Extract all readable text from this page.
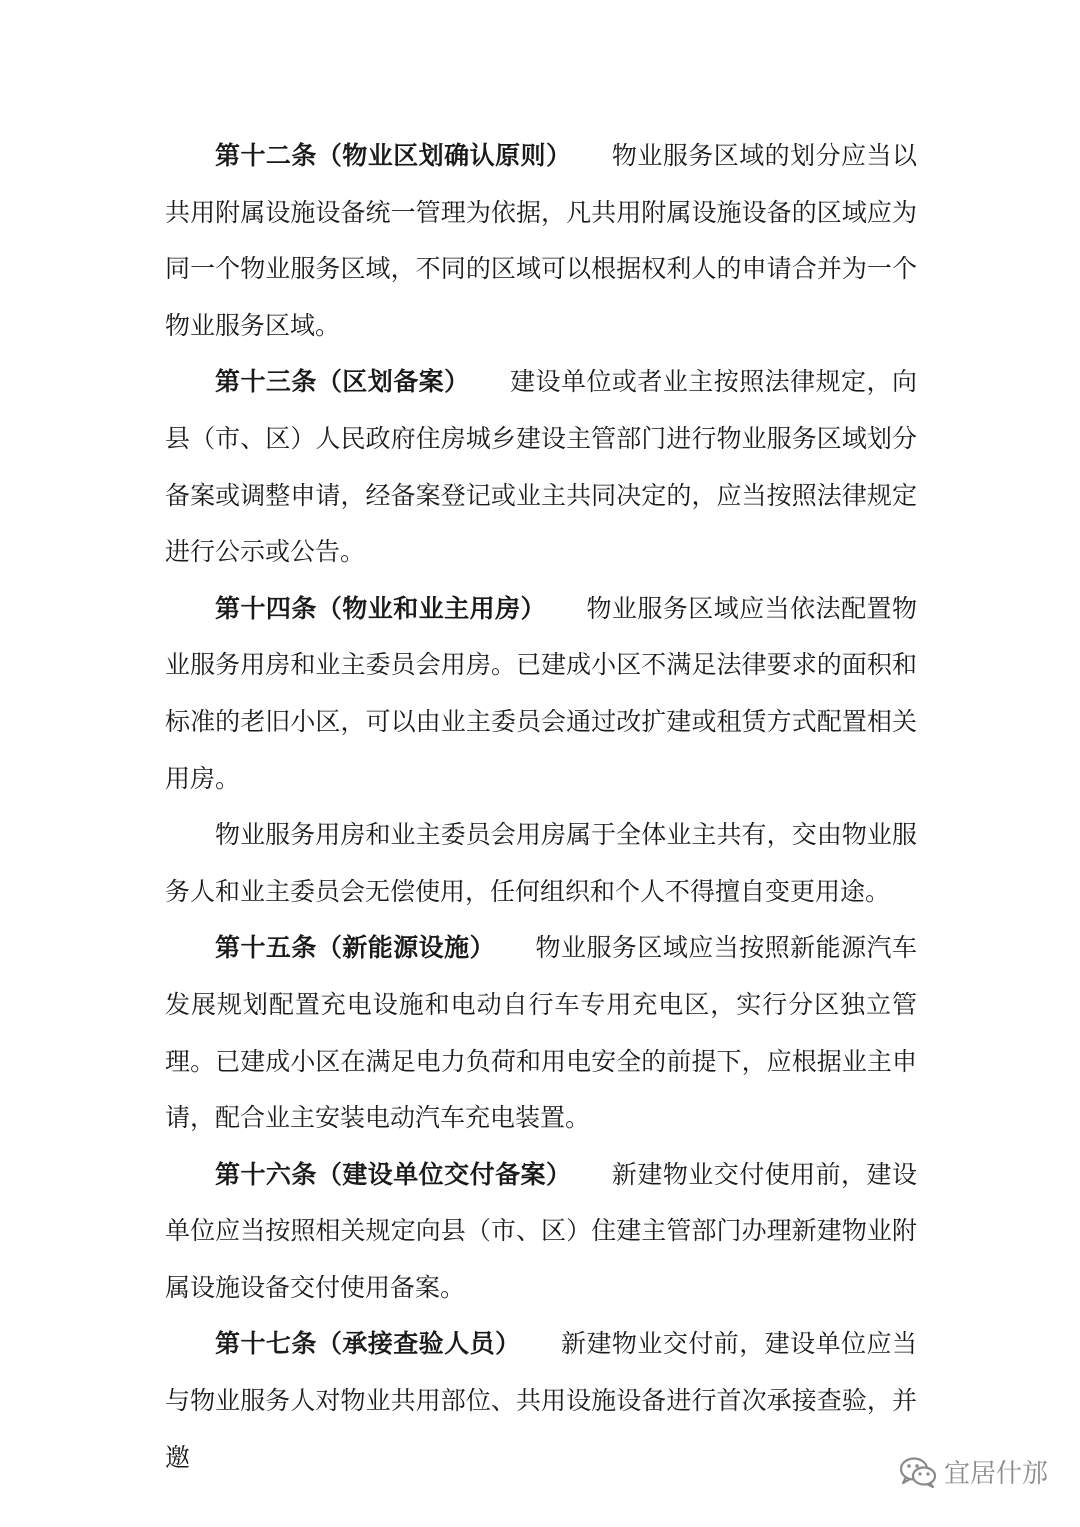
第十二条（物业区划确认原则） 物业服务区域的划分应当以共用附属设施设备统一管理为依据，凡共用附属设施设备的区域应为同一个物业服务区域，不同的区域可以根据权利人的申请合并为一个物业服务区域。

第十三条（区划备案） 建设单位或者业主按照法律规定，向县（市、区）人民政府住房城乡建设主管部门进行物业服务区域划分备案或调整申请，经备案登记或业主共同决定的，应当按照法律规定进行公示或公告。

第十四条（物业和业主用房） 物业服务区域应当依法配置物业服务用房和业主委员会用房。已建成小区不满足法律要求的面积和标准的老旧小区，可以由业主委员会通过改扩建或租赁方式配置相关用房。

物业服务用房和业主委员会用房属于全体业主共有，交由物业服务人和业主委员会无偿使用，任何组织和个人不得擅自变更用途。

第十五条（新能源设施） 物业服务区域应当按照新能源汽车发展规划配置充电设施和电动自行车专用充电区，实行分区独立管理。已建成小区在满足电力负荷和用电安全的前提下，应根据业主申请，配合业主安装电动汽车充电装置。

第十六条（建设单位交付备案） 新建物业交付使用前，建设单位应当按照相关规定向县（市、区）住建主管部门办理新建物业附属设施设备交付使用备案。

第十七条（承接查验人员） 新建物业交付前，建设单位应当与物业服务人对物业共用部位、共用设施设备进行首次承接查验，并邀

宜居什邡
